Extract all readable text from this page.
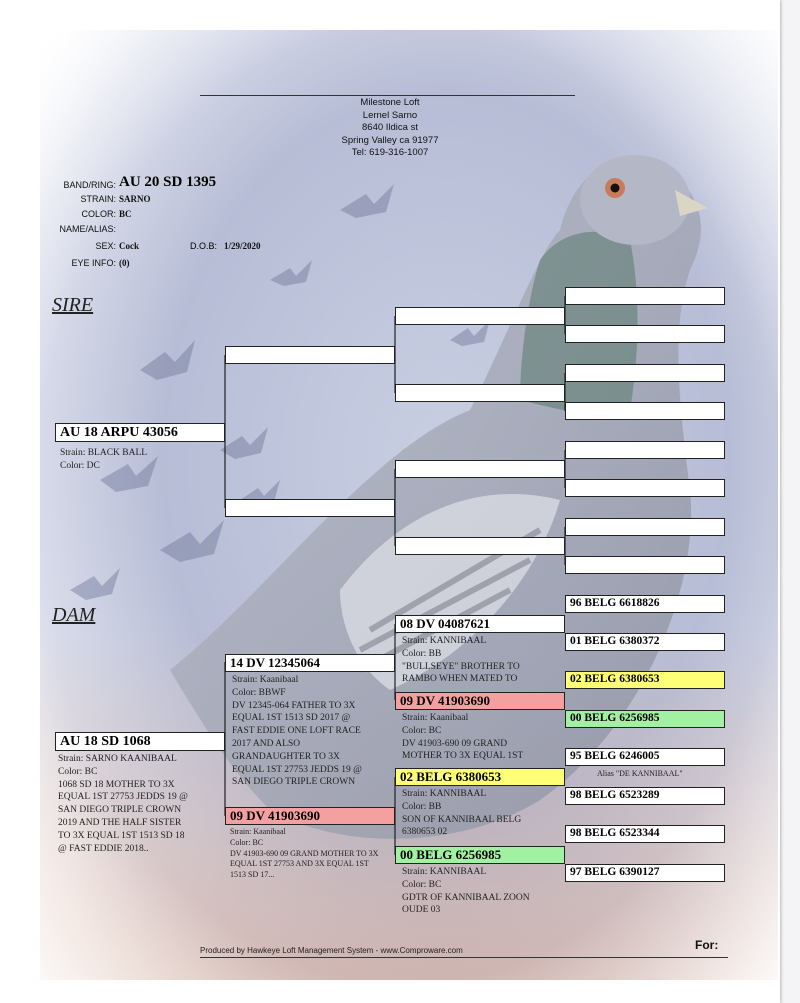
Milestone Loft
Lernel Sarno
8640 Ildica st
Spring Valley ca 91977
Tel: 619-316-1007
BAND/RING: AU 20 SD 1395
STRAIN: SARNO
COLOR: BC
NAME/ALIAS:
SEX: Cock	D.O.B: 1/29/2020
EYE INFO: (0)
SIRE
DAM
AU 18 ARPU 43056
Strain: BLACK BALL
Color: DC
AU 18 SD 1068
Strain: SARNO KAANIBAAL
Color: BC
1068 SD 18 MOTHER TO 3X
EQUAL 1ST 27753 JEDDS 19 @
SAN DIEGO TRIPLE CROWN
2019 AND THE HALF SISTER
TO 3X EQUAL 1ST 1513 SD 18
@ FAST EDDIE 2018..
14 DV 12345064
Strain: Kaanibaal
Color: BBWF
DV 12345-064 FATHER TO 3X
EQUAL 1ST 1513 SD 2017 @
FAST EDDIE ONE LOFT RACE
2017 AND ALSO
GRANDAUGHTER TO 3X
EQUAL 1ST 27753 JEDDS 19 @
SAN DIEGO TRIPLE CROWN
09 DV 41903690
Strain: Kaanibaal
Color: BC
DV 41903-690 09 GRAND MOTHER TO 3X
EQUAL 1ST 27753 AND 3X EQUAL 1ST
1513 SD 17...
08 DV 04087621
Strain: KANNIBAAL
Color: BB
"BULLSEYE" BROTHER TO
RAMBO WHEN MATED TO
09 DV 41903690
Strain: Kaanibaal
Color: BC
DV 41903-690 09 GRAND
MOTHER TO 3X EQUAL 1ST
02 BELG 6380653
Strain: KANNIBAAL
Color: BB
SON OF KANNIBAAL BELG
6380653 02
00 BELG 6256985
Strain: KANNIBAAL
Color: BC
GDTR OF KANNIBAAL ZOON
OUDE 03
96 BELG 6618826
01 BELG 6380372
02 BELG 6380653
00 BELG 6256985
95 BELG 6246005
Alias "DE KANNIBAAL"
98 BELG 6523289
98 BELG 6523344
97 BELG 6390127
Produced by Hawkeye Loft Management System - www.Comproware.com	For:
